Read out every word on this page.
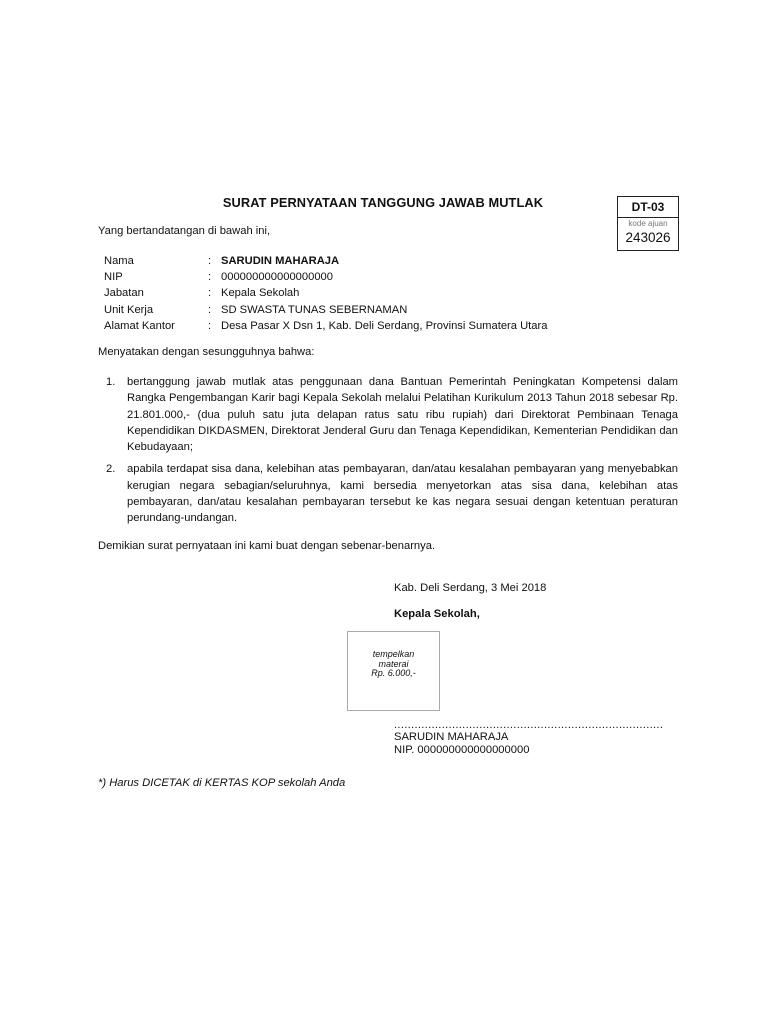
SURAT PERNYATAAN TANGGUNG JAWAB MUTLAK	DT-03
kode ajuan
243026
Yang bertandatangan di bawah ini,
Nama	:	SARUDIN MAHARAJA
NIP	:	000000000000000000
Jabatan	:	Kepala Sekolah
Unit Kerja	:	SD SWASTA TUNAS SEBERNAMAN
Alamat Kantor	:	Desa Pasar X Dsn 1, Kab. Deli Serdang, Provinsi Sumatera Utara
Menyatakan dengan sesungguhnya bahwa:
1. bertanggung jawab mutlak atas penggunaan dana Bantuan Pemerintah Peningkatan Kompetensi dalam Rangka Pengembangan Karir bagi Kepala Sekolah melalui Pelatihan Kurikulum 2013 Tahun 2018 sebesar Rp. 21.801.000,- (dua puluh satu juta delapan ratus satu ribu rupiah) dari Direktorat Pembinaan Tenaga Kependidikan DIKDASMEN, Direktorat Jenderal Guru dan Tenaga Kependidikan, Kementerian Pendidikan dan Kebudayaan;
2. apabila terdapat sisa dana, kelebihan atas pembayaran, dan/atau kesalahan pembayaran yang menyebabkan kerugian negara sebagian/seluruhnya, kami bersedia menyetorkan atas sisa dana, kelebihan atas pembayaran, dan/atau kesalahan pembayaran tersebut ke kas negara sesuai dengan ketentuan peraturan perundang-undangan.
Demikian surat pernyataan ini kami buat dengan sebenar-benarnya.
Kab. Deli Serdang, 3 Mei 2018
Kepala Sekolah,
tempelkan
materai
Rp. 6.000,-
...............................................................................
SARUDIN MAHARAJA
NIP. 000000000000000000
*) Harus DICETAK di KERTAS KOP sekolah Anda
